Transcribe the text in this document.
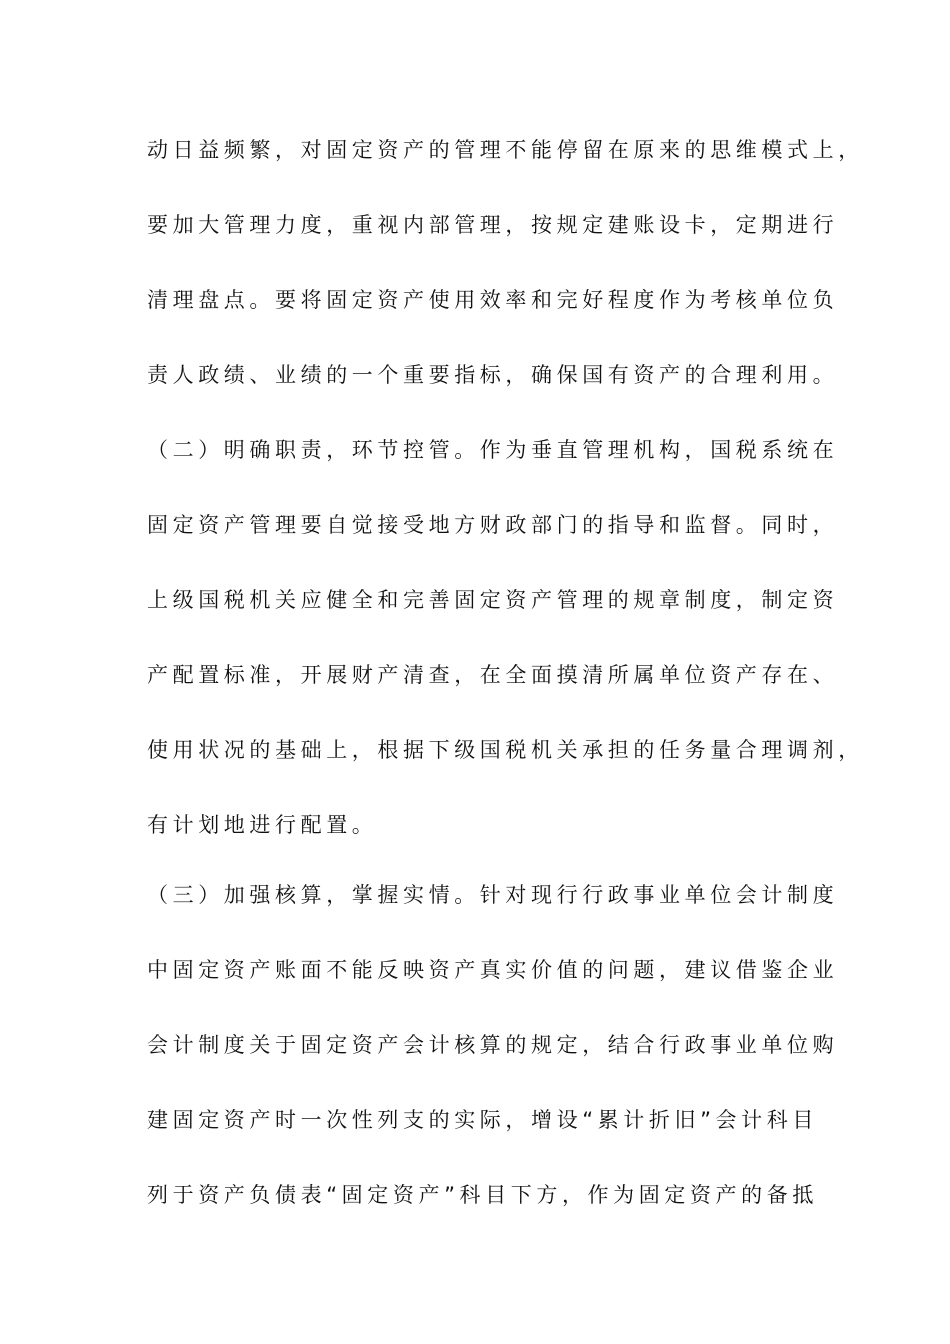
动日益频繁，对固定资产的管理不能停留在原来的思维模式上，
要加大管理力度，重视内部管理，按规定建账设卡，定期进行
清理盘点。要将固定资产使用效率和完好程度作为考核单位负
责人政绩、业绩的一个重要指标，确保国有资产的合理利用。
（二）明确职责，环节控管。作为垂直管理机构，国税系统在
固定资产管理要自觉接受地方财政部门的指导和监督。同时，
上级国税机关应健全和完善固定资产管理的规章制度，制定资
产配置标准，开展财产清查，在全面摸清所属单位资产存在、
使用状况的基础上，根据下级国税机关承担的任务量合理调剂，
有计划地进行配置。
（三）加强核算，掌握实情。针对现行行政事业单位会计制度
中固定资产账面不能反映资产真实价值的问题，建议借鉴企业
会计制度关于固定资产会计核算的规定，结合行政事业单位购
建固定资产时一次性列支的实际，增设“累计折旧”会计科目
列于资产负债表“固定资产”科目下方，作为固定资产的备抵
